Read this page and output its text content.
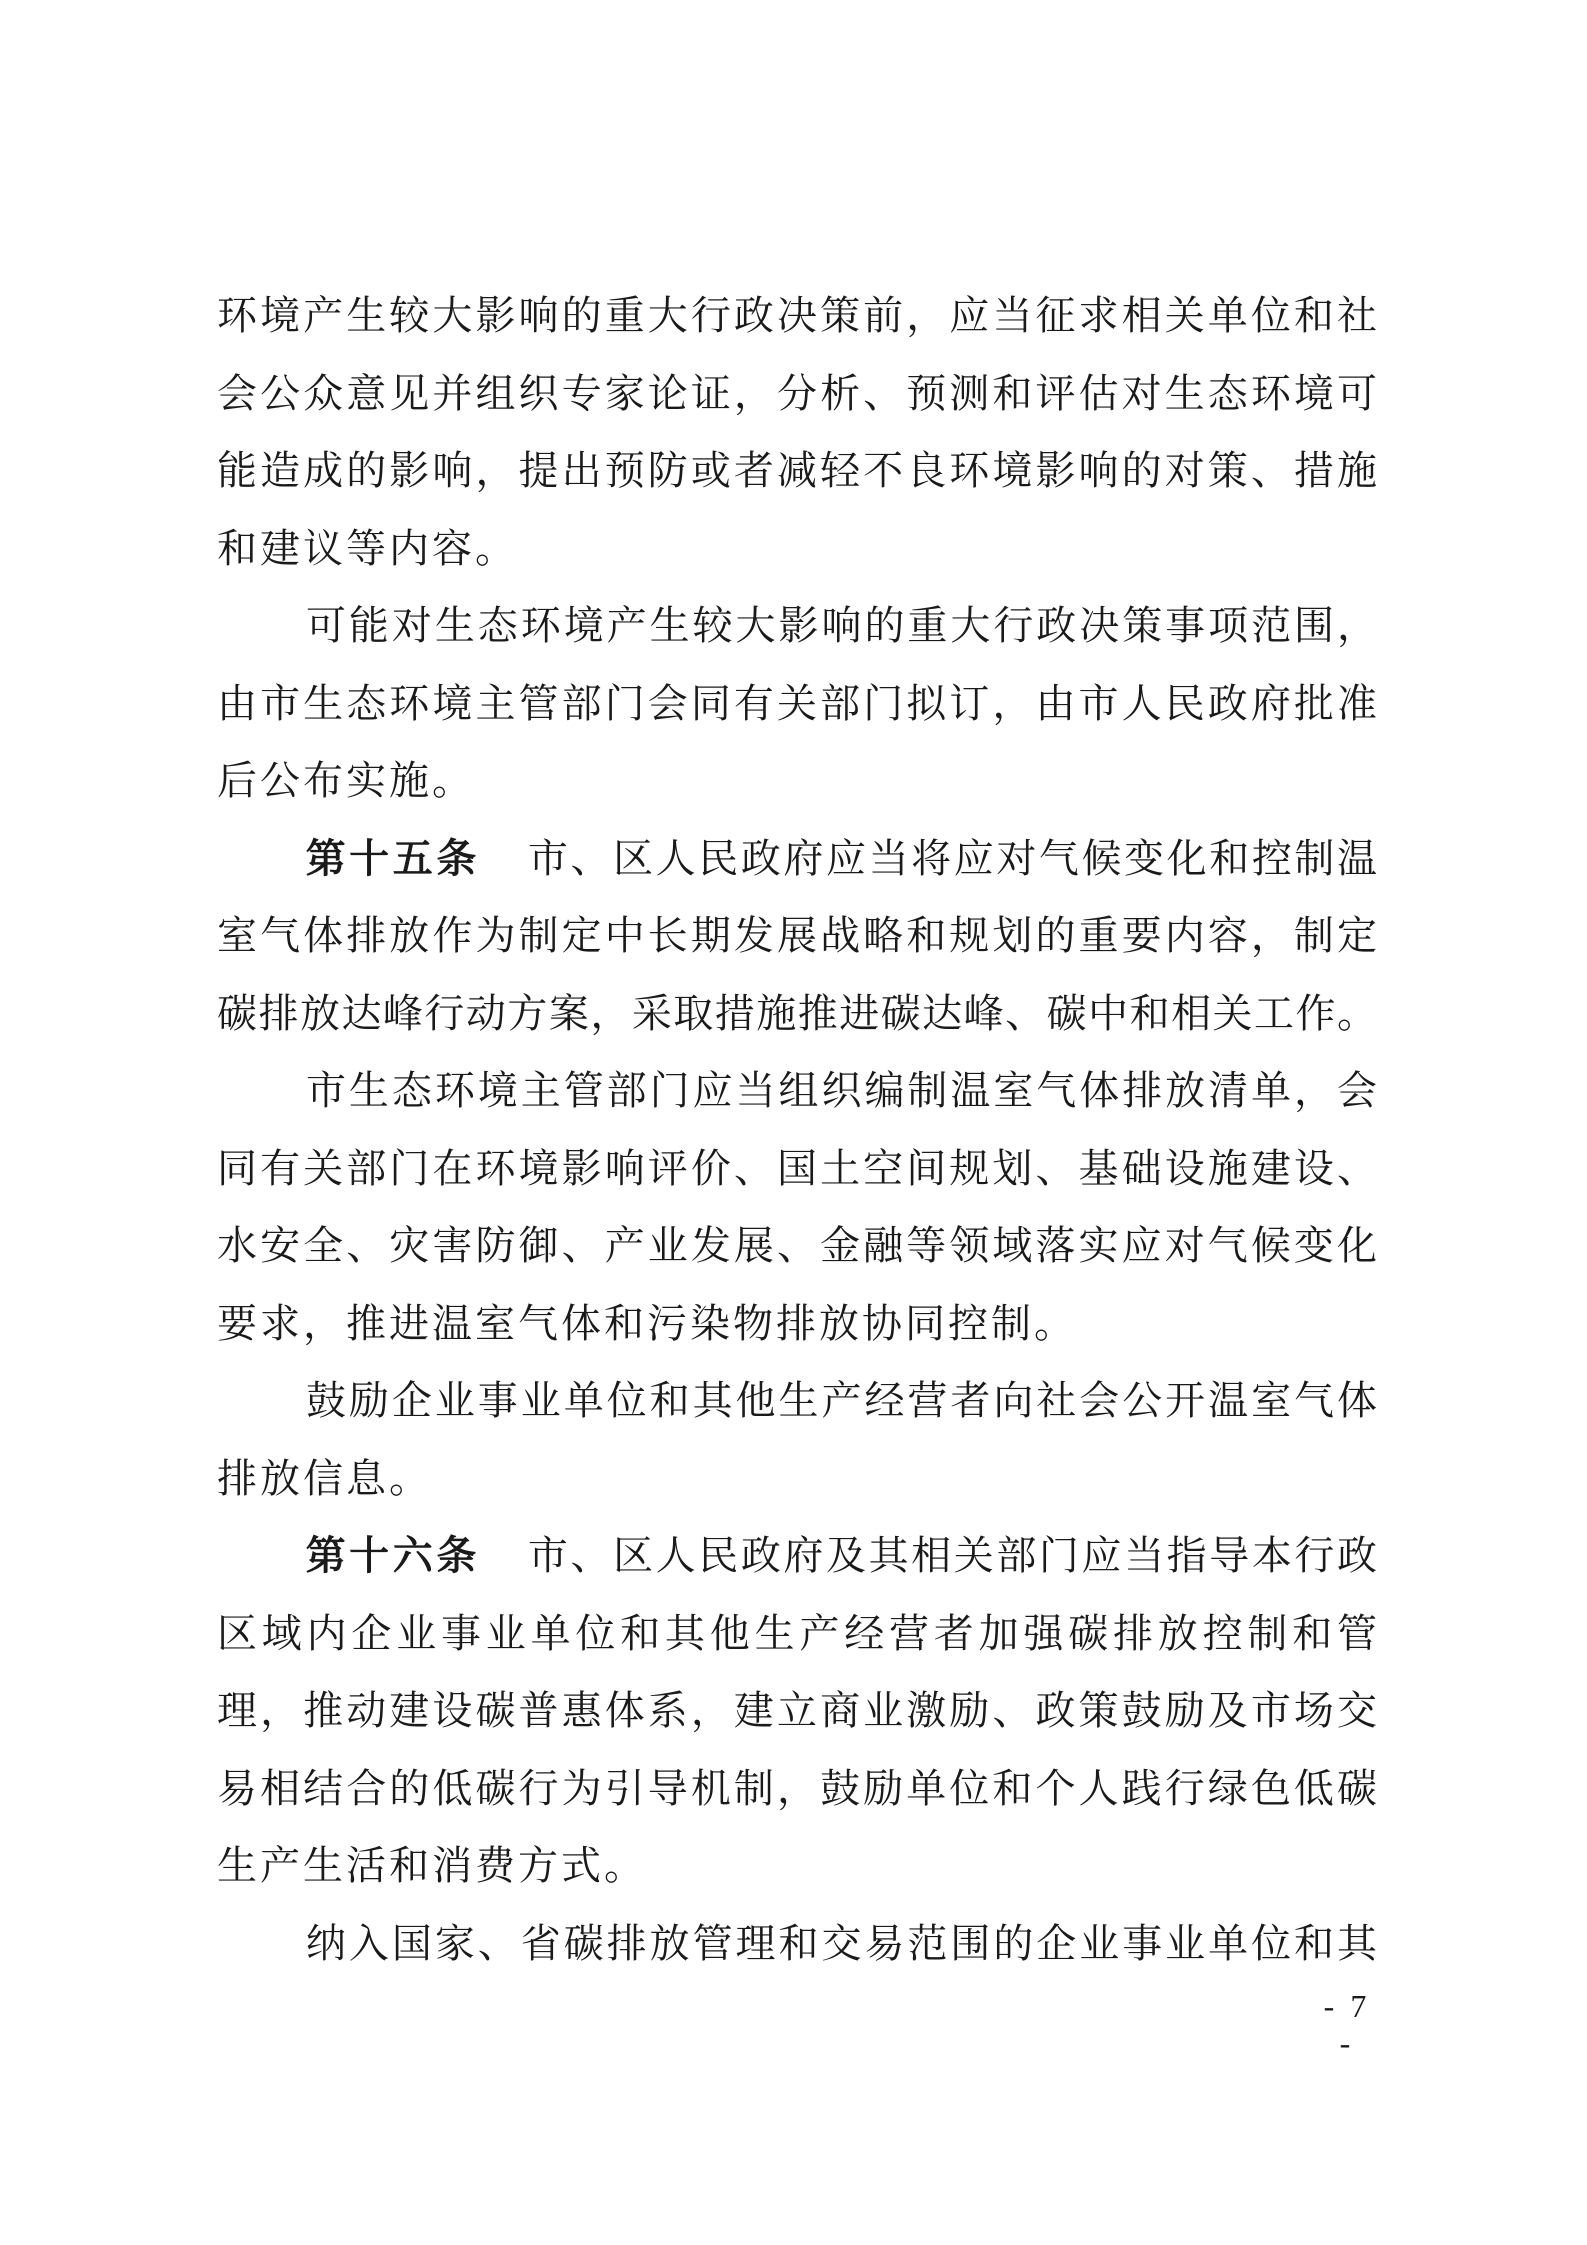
环境产生较大影响的重大行政决策前，应当征求相关单位和社
会公众意见并组织专家论证，分析、预测和评估对生态环境可
能造成的影响，提出预防或者减轻不良环境影响的对策、措施
和建议等内容。
可能对生态环境产生较大影响的重大行政决策事项范围，
由市生态环境主管部门会同有关部门拟订，由市人民政府批准
后公布实施。
第十五条 市、区人民政府应当将应对气候变化和控制温
室气体排放作为制定中长期发展战略和规划的重要内容，制定
碳排放达峰行动方案，采取措施推进碳达峰、碳中和相关工作。
市生态环境主管部门应当组织编制温室气体排放清单，会
同有关部门在环境影响评价、国土空间规划、基础设施建设、
水安全、灾害防御、产业发展、金融等领域落实应对气候变化
要求，推进温室气体和污染物排放协同控制。
鼓励企业事业单位和其他生产经营者向社会公开温室气体
排放信息。
第十六条 市、区人民政府及其相关部门应当指导本行政
区域内企业事业单位和其他生产经营者加强碳排放控制和管
理，推动建设碳普惠体系，建立商业激励、政策鼓励及市场交
易相结合的低碳行为引导机制，鼓励单位和个人践行绿色低碳
生产生活和消费方式。
纳入国家、省碳排放管理和交易范围的企业事业单位和其
- 7 -
